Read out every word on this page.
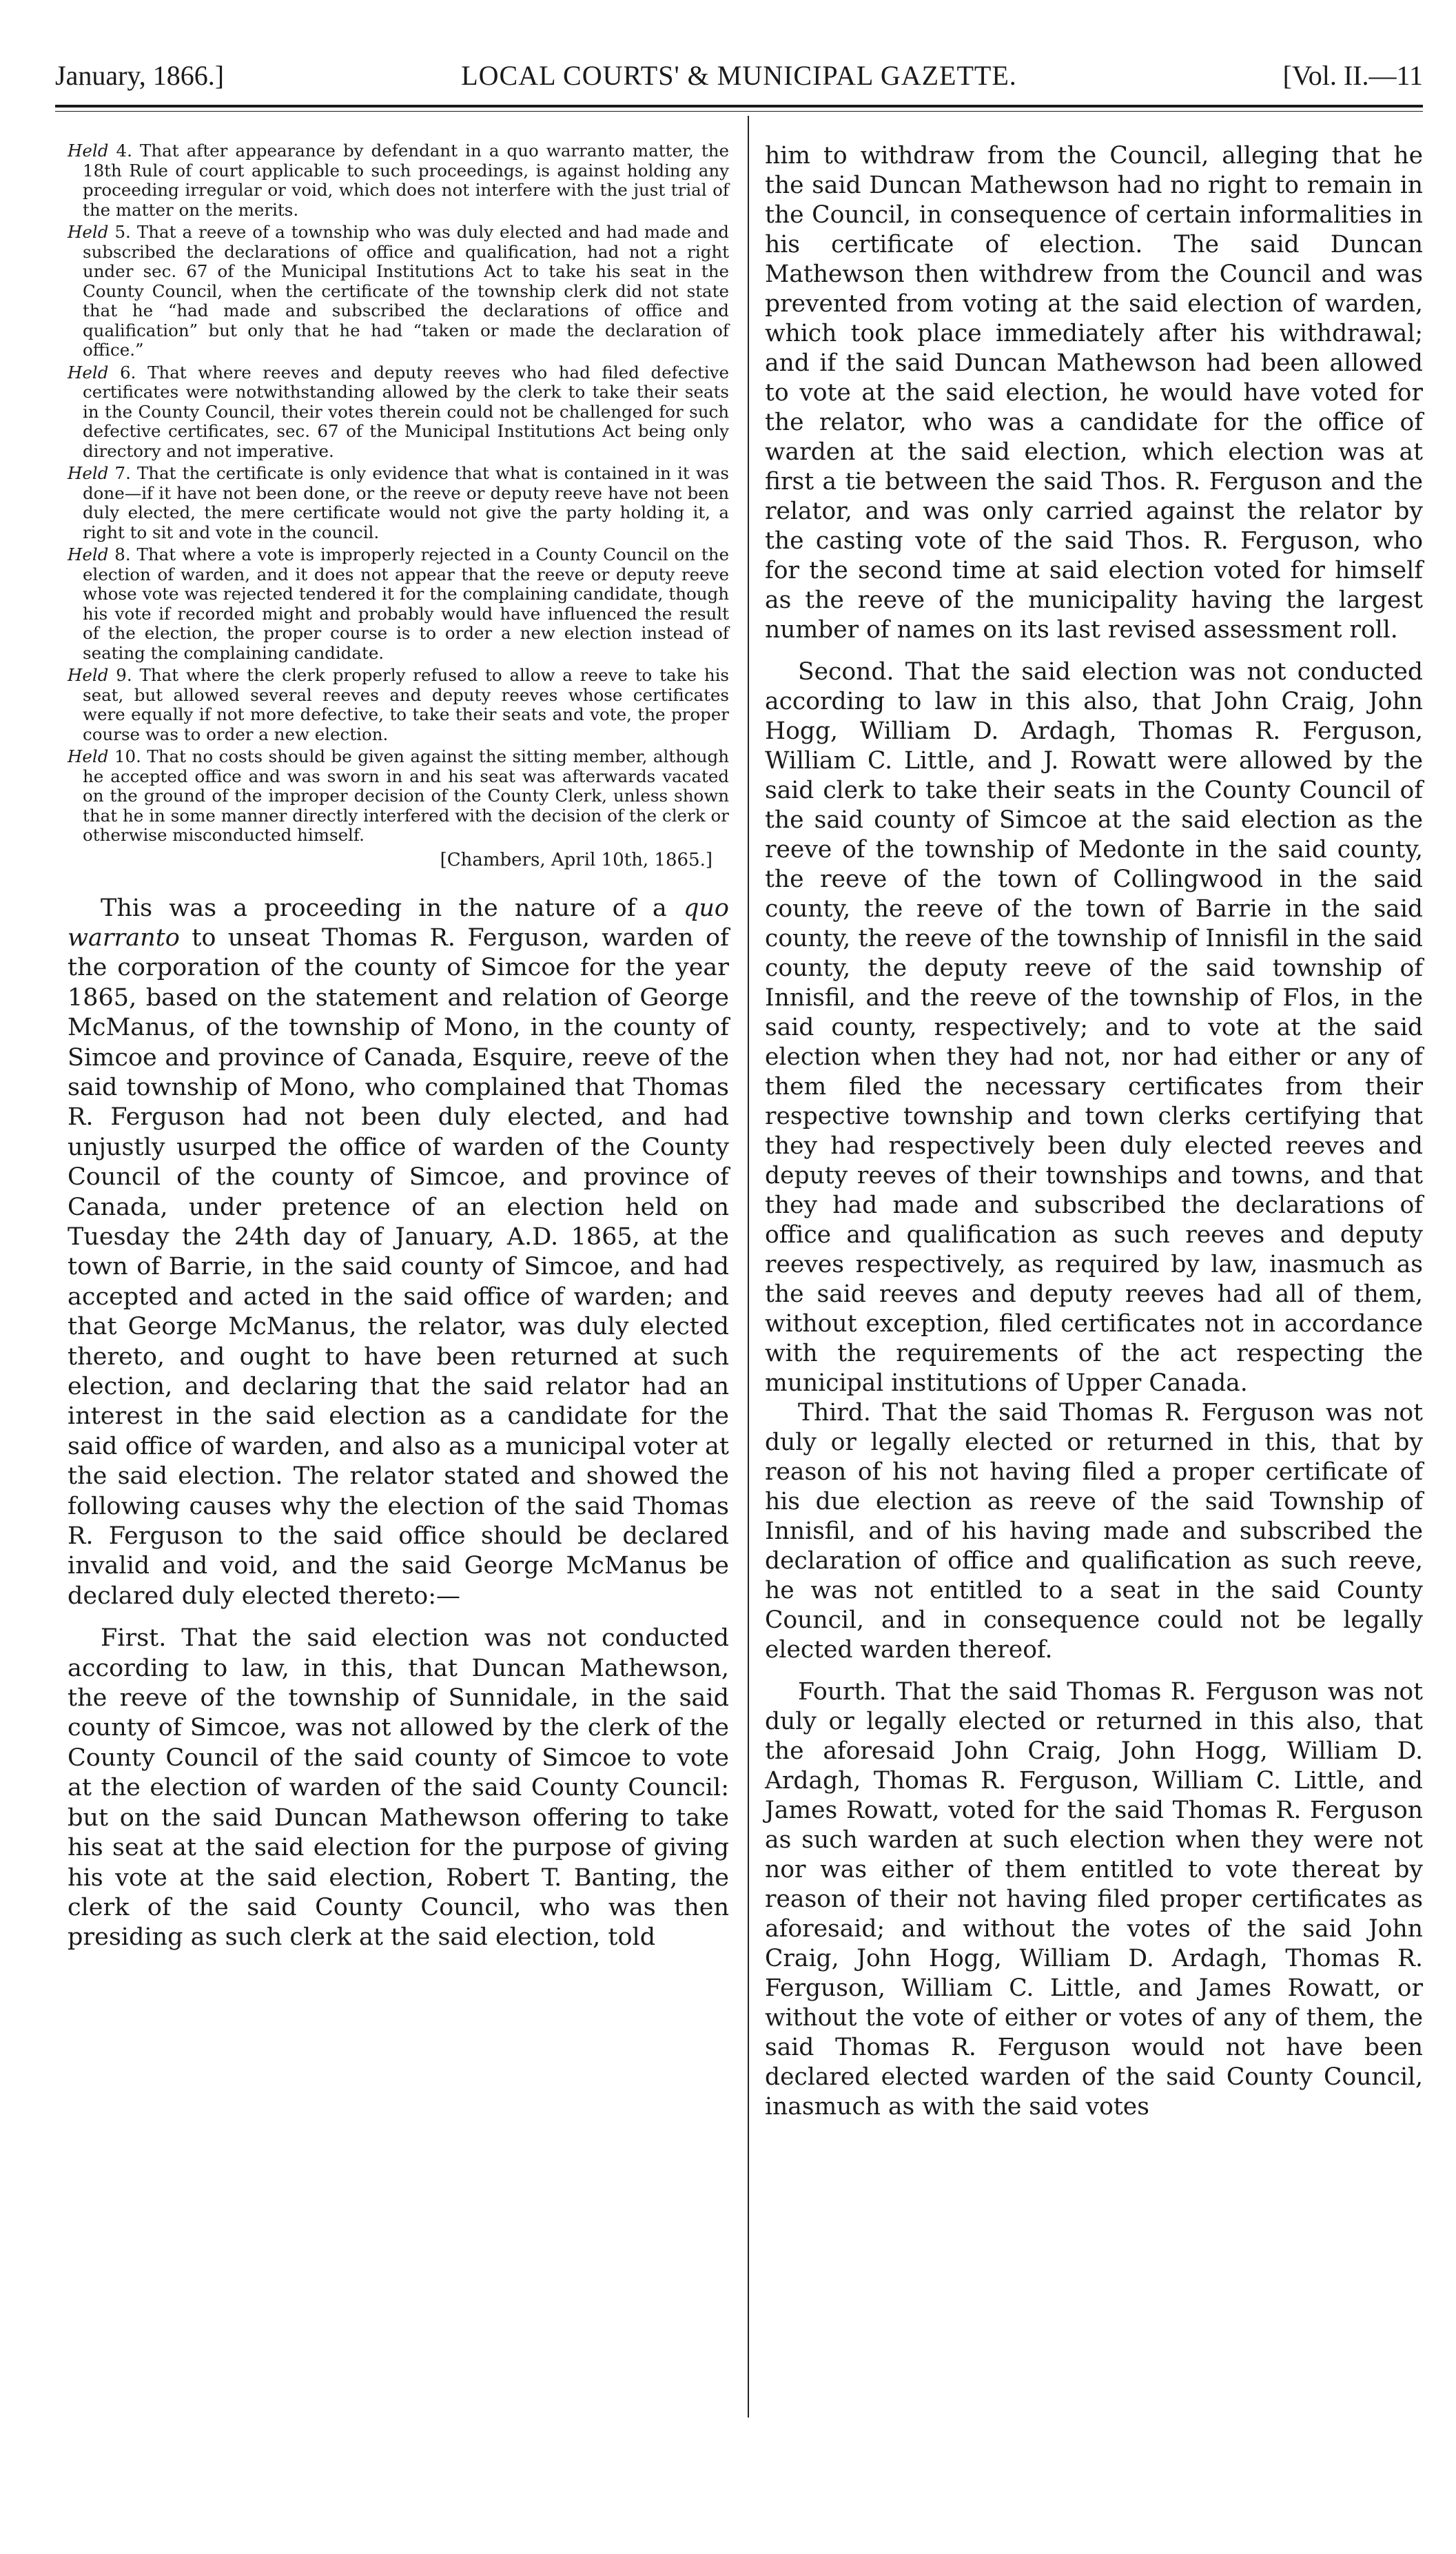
January, 1866.]	LOCAL COURTS' & MUNICIPAL GAZETTE.	[Vol. II.—11

Held 4. That after appearance by defendant in a quo warranto matter, the 18th Rule of court applicable to such proceedings, is against holding any proceeding irregular or void, which does not interfere with the just trial of the matter on the merits.

Held 5. That a reeve of a township who was duly elected and had made and subscribed the declarations of office and qualification, had not a right under sec. 67 of the Municipal Institutions Act to take his seat in the County Council, when the certificate of the township clerk did not state that he “had made and subscribed the declarations of office and qualification” but only that he had “taken or made the declaration of office.”

Held 6. That where reeves and deputy reeves who had filed defective certificates were notwithstanding allowed by the clerk to take their seats in the County Council, their votes therein could not be challenged for such defective certificates, sec. 67 of the Municipal Institutions Act being only directory and not imperative.

Held 7. That the certificate is only evidence that what is contained in it was done—if it have not been done, or the reeve or deputy reeve have not been duly elected, the mere certificate would not give the party holding it, a right to sit and vote in the council.

Held 8. That where a vote is improperly rejected in a County Council on the election of warden, and it does not appear that the reeve or deputy reeve whose vote was rejected tendered it for the complaining candidate, though his vote if recorded might and probably would have influenced the result of the election, the proper course is to order a new election instead of seating the complaining candidate.

Held 9. That where the clerk properly refused to allow a reeve to take his seat, but allowed several reeves and deputy reeves whose certificates were equally if not more defective, to take their seats and vote, the proper course was to order a new election.

Held 10. That no costs should be given against the sitting member, although he accepted office and was sworn in and his seat was afterwards vacated on the ground of the improper decision of the County Clerk, unless shown that he in some manner directly interfered with the decision of the clerk or otherwise misconducted himself.

[Chambers, April 10th, 1865.]

This was a proceeding in the nature of a quo warranto to unseat Thomas R. Ferguson, warden of the corporation of the county of Simcoe for the year 1865, based on the statement and relation of George McManus, of the township of Mono, in the county of Simcoe and province of Canada, Esquire, reeve of the said township of Mono, who complained that Thomas R. Ferguson had not been duly elected, and had unjustly usurped the office of warden of the County Council of the county of Simcoe, and province of Canada, under pretence of an election held on Tuesday the 24th day of January, A.D. 1865, at the town of Barrie, in the said county of Simcoe, and had accepted and acted in the said office of warden; and that George McManus, the relator, was duly elected thereto, and ought to have been returned at such election, and declaring that the said relator had an interest in the said election as a candidate for the said office of warden, and also as a municipal voter at the said election. The relator stated and showed the following causes why the election of the said Thomas R. Ferguson to the said office should be declared invalid and void, and the said George McManus be declared duly elected thereto:—

First. That the said election was not conducted according to law, in this, that Duncan Mathewson, the reeve of the township of Sunnidale, in the said county of Simcoe, was not allowed by the clerk of the County Council of the said county of Simcoe to vote at the election of warden of the said County Council: but on the said Duncan Mathewson offering to take his seat at the said election for the purpose of giving his vote at the said election, Robert T. Banting, the clerk of the said County Council, who was then presiding as such clerk at the said election, told

him to withdraw from the Council, alleging that he the said Duncan Mathewson had no right to remain in the Council, in consequence of certain informalities in his certificate of election. The said Duncan Mathewson then withdrew from the Council and was prevented from voting at the said election of warden, which took place immediately after his withdrawal; and if the said Duncan Mathewson had been allowed to vote at the said election, he would have voted for the relator, who was a candidate for the office of warden at the said election, which election was at first a tie between the said Thos. R. Ferguson and the relator, and was only carried against the relator by the casting vote of the said Thos. R. Ferguson, who for the second time at said election voted for himself as the reeve of the municipality having the largest number of names on its last revised assessment roll.

Second. That the said election was not conducted according to law in this also, that John Craig, John Hogg, William D. Ardagh, Thomas R. Ferguson, William C. Little, and J. Rowatt were allowed by the said clerk to take their seats in the County Council of the said county of Simcoe at the said election as the reeve of the township of Medonte in the said county, the reeve of the town of Collingwood in the said county, the reeve of the town of Barrie in the said county, the reeve of the township of Innisfil in the said county, the deputy reeve of the said township of Innisfil, and the reeve of the township of Flos, in the said county, respectively; and to vote at the said election when they had not, nor had either or any of them filed the necessary certificates from their respective township and town clerks certifying that they had respectively been duly elected reeves and deputy reeves of their townships and towns, and that they had made and subscribed the declarations of office and qualification as such reeves and deputy reeves respectively, as required by law, inasmuch as the said reeves and deputy reeves had all of them, without exception, filed certificates not in accordance with the requirements of the act respecting the municipal institutions of Upper Canada.

Third. That the said Thomas R. Ferguson was not duly or legally elected or returned in this, that by reason of his not having filed a proper certificate of his due election as reeve of the said Township of Innisfil, and of his having made and subscribed the declaration of office and qualification as such reeve, he was not entitled to a seat in the said County Council, and in consequence could not be legally elected warden thereof.

Fourth. That the said Thomas R. Ferguson was not duly or legally elected or returned in this also, that the aforesaid John Craig, John Hogg, William D. Ardagh, Thomas R. Ferguson, William C. Little, and James Rowatt, voted for the said Thomas R. Ferguson as such warden at such election when they were not nor was either of them entitled to vote thereat by reason of their not having filed proper certificates as aforesaid; and without the votes of the said John Craig, John Hogg, William D. Ardagh, Thomas R. Ferguson, William C. Little, and James Rowatt, or without the vote of either or votes of any of them, the said Thomas R. Ferguson would not have been declared elected warden of the said County Council, inasmuch as with the said votes
